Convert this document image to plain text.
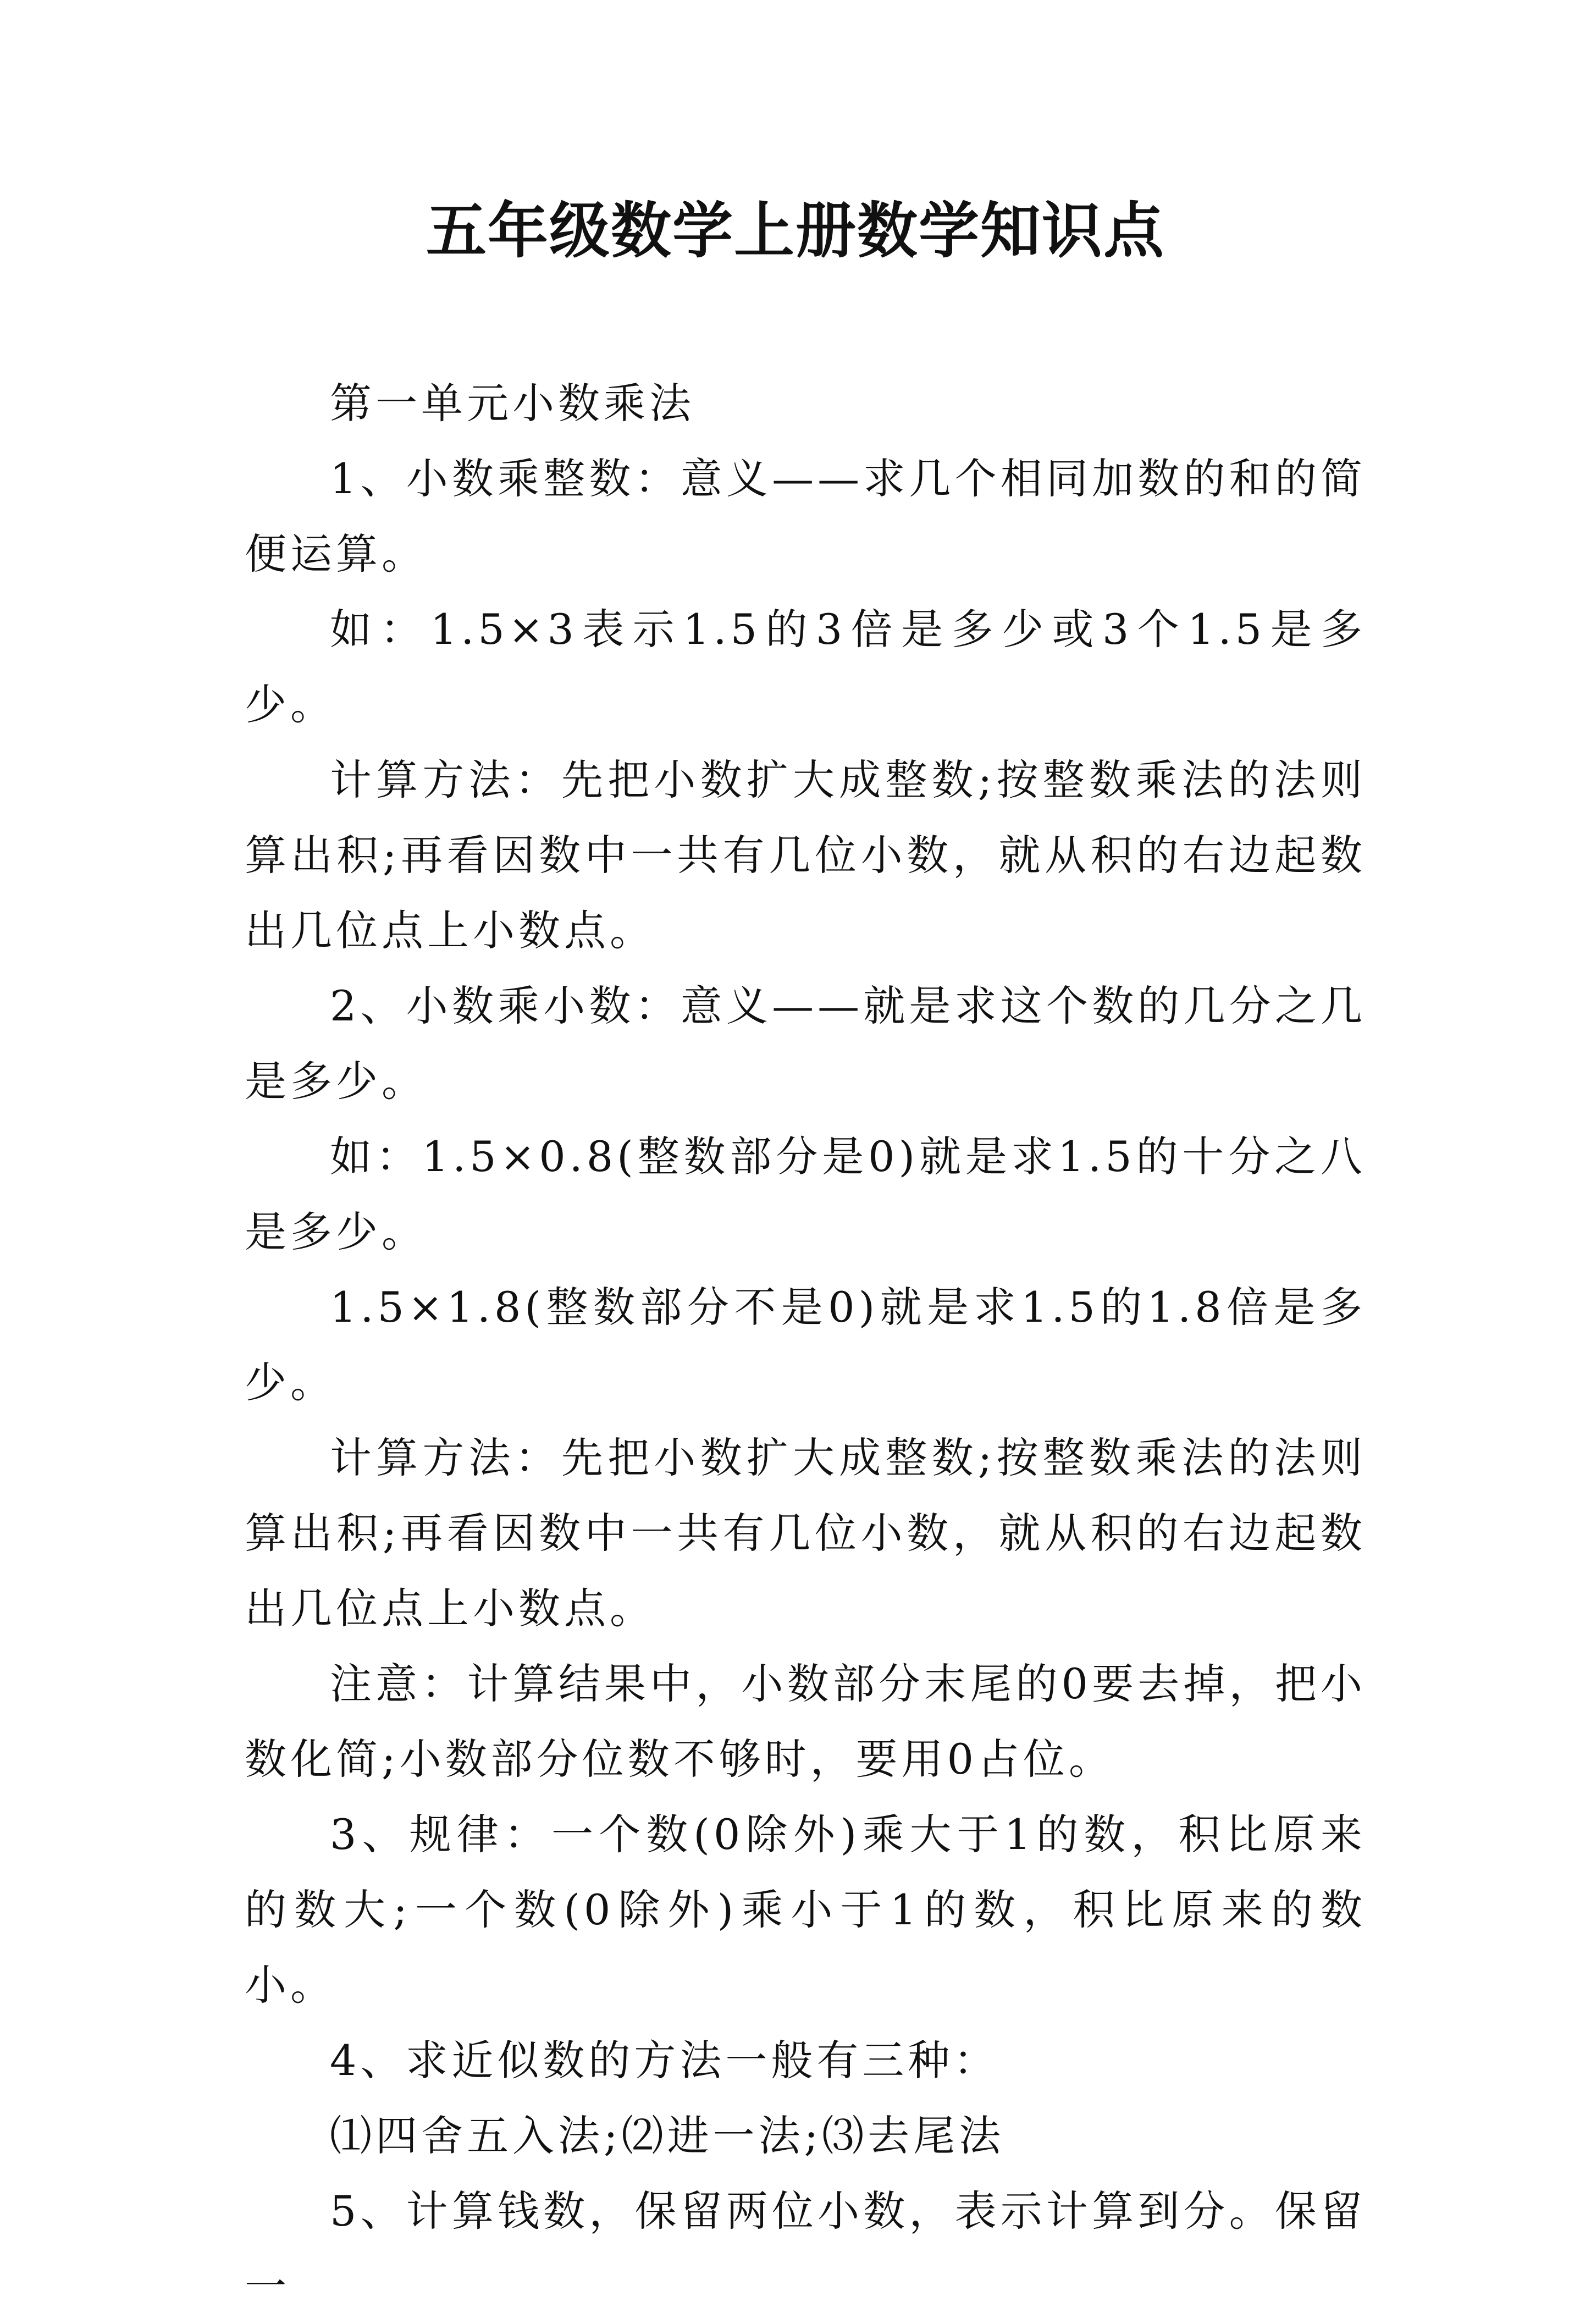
五年级数学上册数学知识点

第一单元小数乘法

1、小数乘整数：意义——求几个相同加数的和的简便运算。

如：1.5×3表示1.5的3倍是多少或3个1.5是多少。

计算方法：先把小数扩大成整数;按整数乘法的法则算出积;再看因数中一共有几位小数，就从积的右边起数出几位点上小数点。

2、小数乘小数：意义——就是求这个数的几分之几是多少。

如：1.5×0.8(整数部分是0)就是求1.5的十分之八是多少。

1.5×1.8(整数部分不是0)就是求1.5的1.8倍是多少。

计算方法：先把小数扩大成整数;按整数乘法的法则算出积;再看因数中一共有几位小数，就从积的右边起数出几位点上小数点。

注意：计算结果中，小数部分末尾的0要去掉，把小数化简;小数部分位数不够时，要用0占位。

3、规律：一个数(0除外)乘大于1的数，积比原来的数大;一个数(0除外)乘小于1的数，积比原来的数小。

4、求近似数的方法一般有三种：

⑴四舍五入法;⑵进一法;⑶去尾法

5、计算钱数，保留两位小数，表示计算到分。保留一
